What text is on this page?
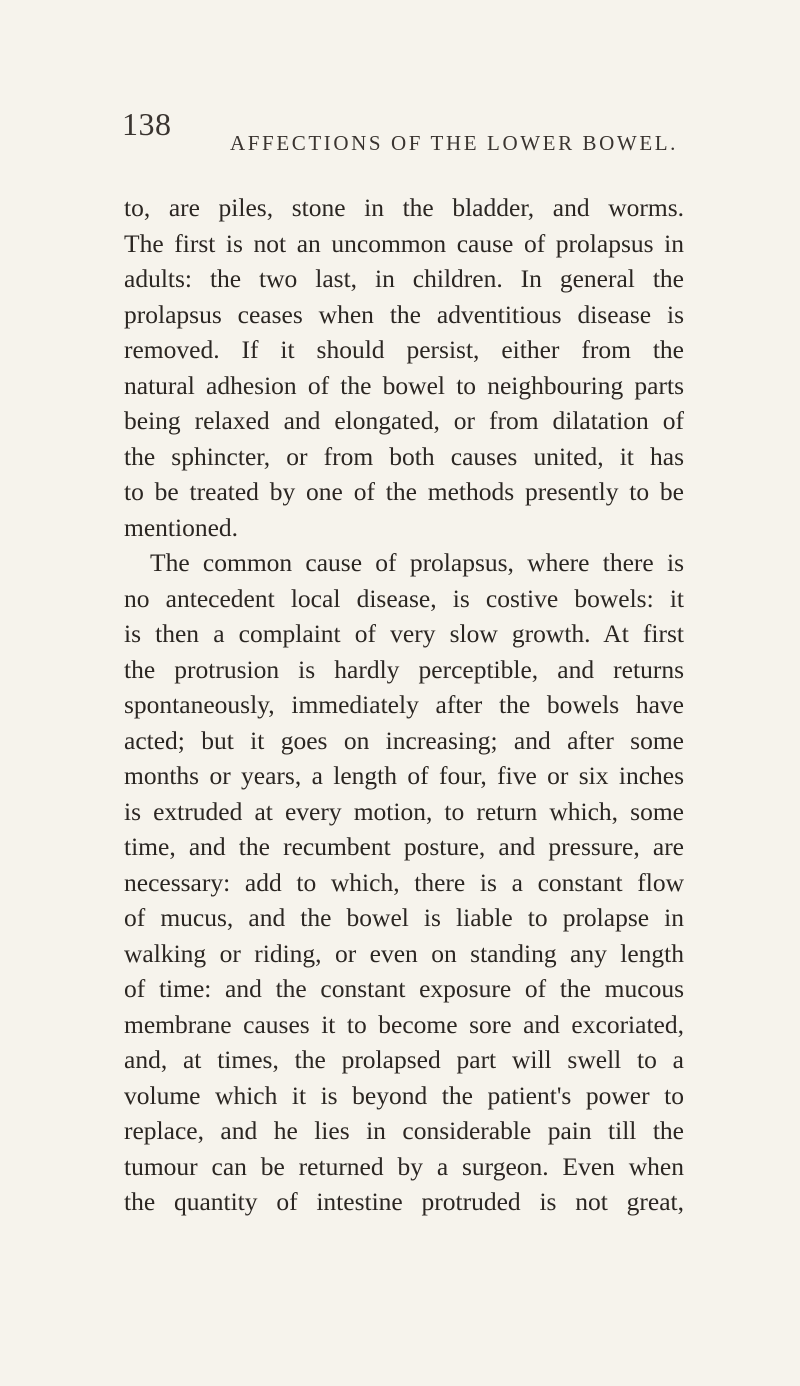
138
AFFECTIONS OF THE LOWER BOWEL.
to, are piles, stone in the bladder, and worms.
The first is not an uncommon cause of prolapsus in
adults: the two last, in children. In general the
prolapsus ceases when the adventitious disease is
removed. If it should persist, either from the
natural adhesion of the bowel to neighbouring parts
being relaxed and elongated, or from dilatation of
the sphincter, or from both causes united, it has
to be treated by one of the methods presently to be
mentioned.
The common cause of prolapsus, where there is
no antecedent local disease, is costive bowels: it
is then a complaint of very slow growth. At first
the protrusion is hardly perceptible, and returns
spontaneously, immediately after the bowels have
acted; but it goes on increasing; and after some
months or years, a length of four, five or six inches
is extruded at every motion, to return which, some
time, and the recumbent posture, and pressure, are
necessary: add to which, there is a constant flow
of mucus, and the bowel is liable to prolapse in
walking or riding, or even on standing any length
of time: and the constant exposure of the mucous
membrane causes it to become sore and excoriated,
and, at times, the prolapsed part will swell to a
volume which it is beyond the patient's power to
replace, and he lies in considerable pain till the
tumour can be returned by a surgeon. Even when
the quantity of intestine protruded is not great,
